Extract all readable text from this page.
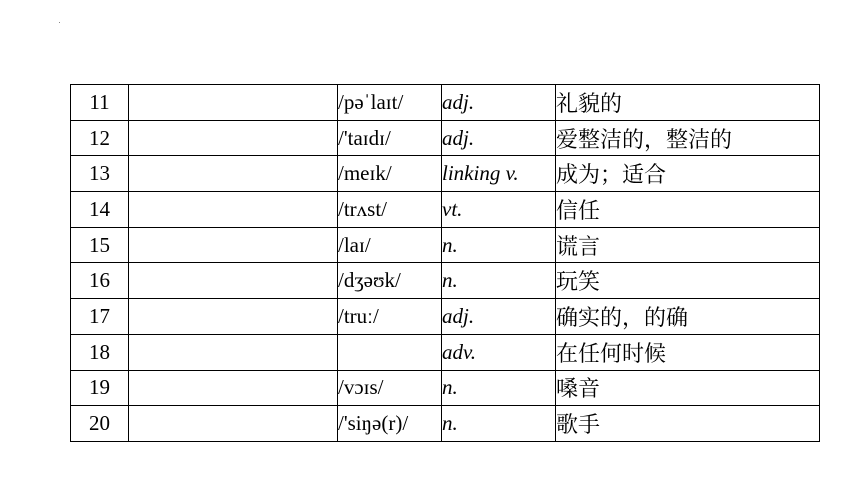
11		/pəˈlaɪt/	adj.	礼貌的
12		/'taɪdɪ/	adj.	爱整洁的，整洁的
13		/meɪk/	linking v.	成为；适合
14		/trʌst/	vt.	信任
15		/laɪ/	n.	谎言
16		/dʒəʊk/	n.	玩笑
17		/truː/	adj.	确实的，的确
18			adv.	在任何时候
19		/vɔɪs/	n.	嗓音
20		/'siŋə(r)/	n.	歌手
